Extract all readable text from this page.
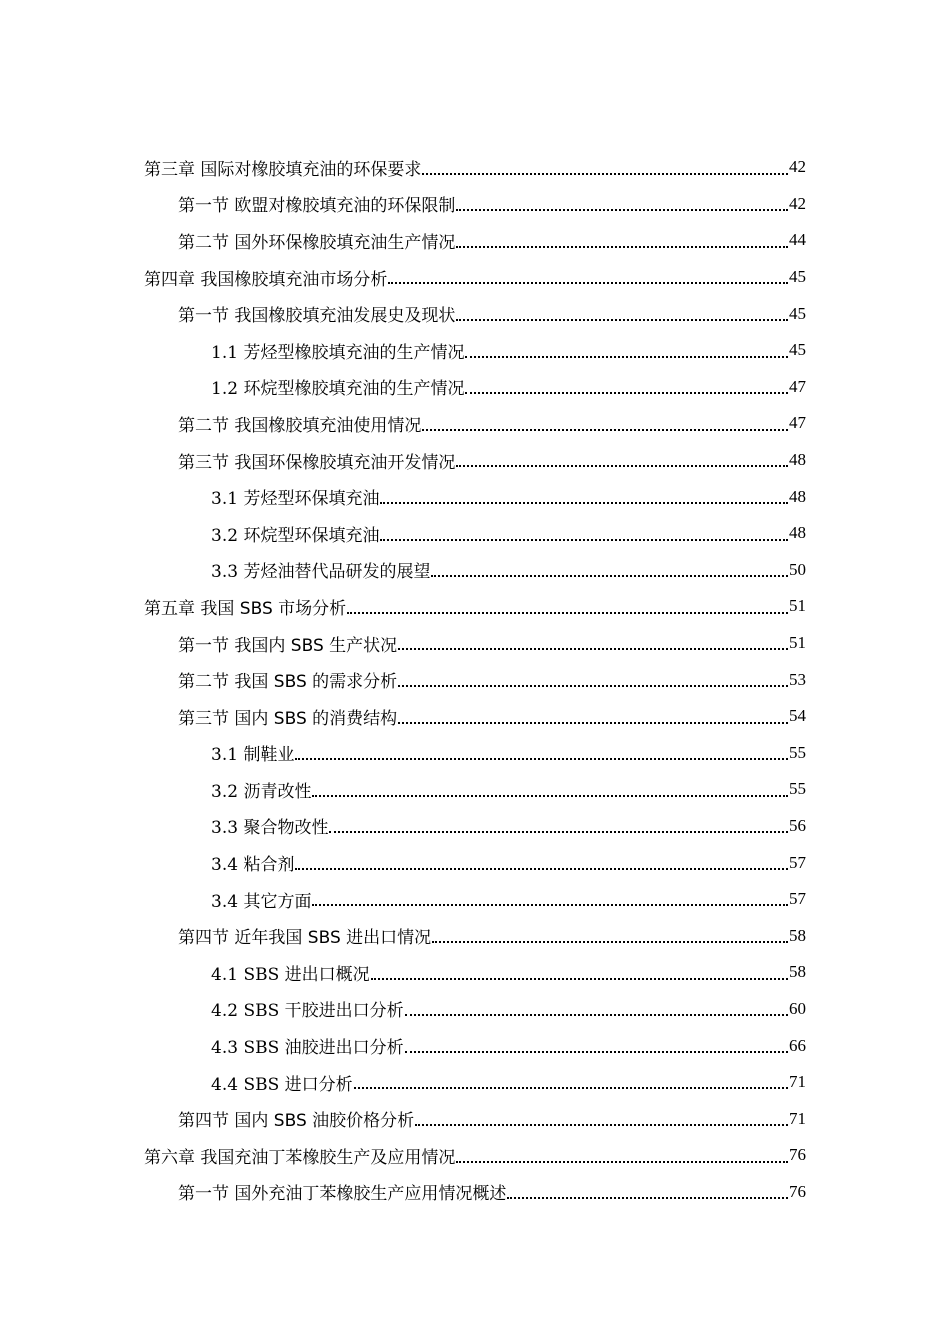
第三章 国际对橡胶填充油的环保要求	42
第一节 欧盟对橡胶填充油的环保限制	42
第二节 国外环保橡胶填充油生产情况	44
第四章 我国橡胶填充油市场分析	45
第一节 我国橡胶填充油发展史及现状	45
1.1 芳烃型橡胶填充油的生产情况	45
1.2 环烷型橡胶填充油的生产情况	47
第二节 我国橡胶填充油使用情况	47
第三节 我国环保橡胶填充油开发情况	48
3.1 芳烃型环保填充油	48
3.2 环烷型环保填充油	48
3.3 芳烃油替代品研发的展望	50
第五章 我国 SBS 市场分析	51
第一节 我国内 SBS 生产状况	51
第二节 我国 SBS 的需求分析	53
第三节 国内 SBS 的消费结构	54
3.1 制鞋业	55
3.2 沥青改性	55
3.3 聚合物改性	56
3.4 粘合剂	57
3.4 其它方面	57
第四节 近年我国 SBS 进出口情况	58
4.1 SBS 进出口概况	58
4.2 SBS 干胶进出口分析	60
4.3 SBS 油胶进出口分析	66
4.4 SBS 进口分析	71
第四节 国内 SBS 油胶价格分析	71
第六章 我国充油丁苯橡胶生产及应用情况	76
第一节 国外充油丁苯橡胶生产应用情况概述	76
